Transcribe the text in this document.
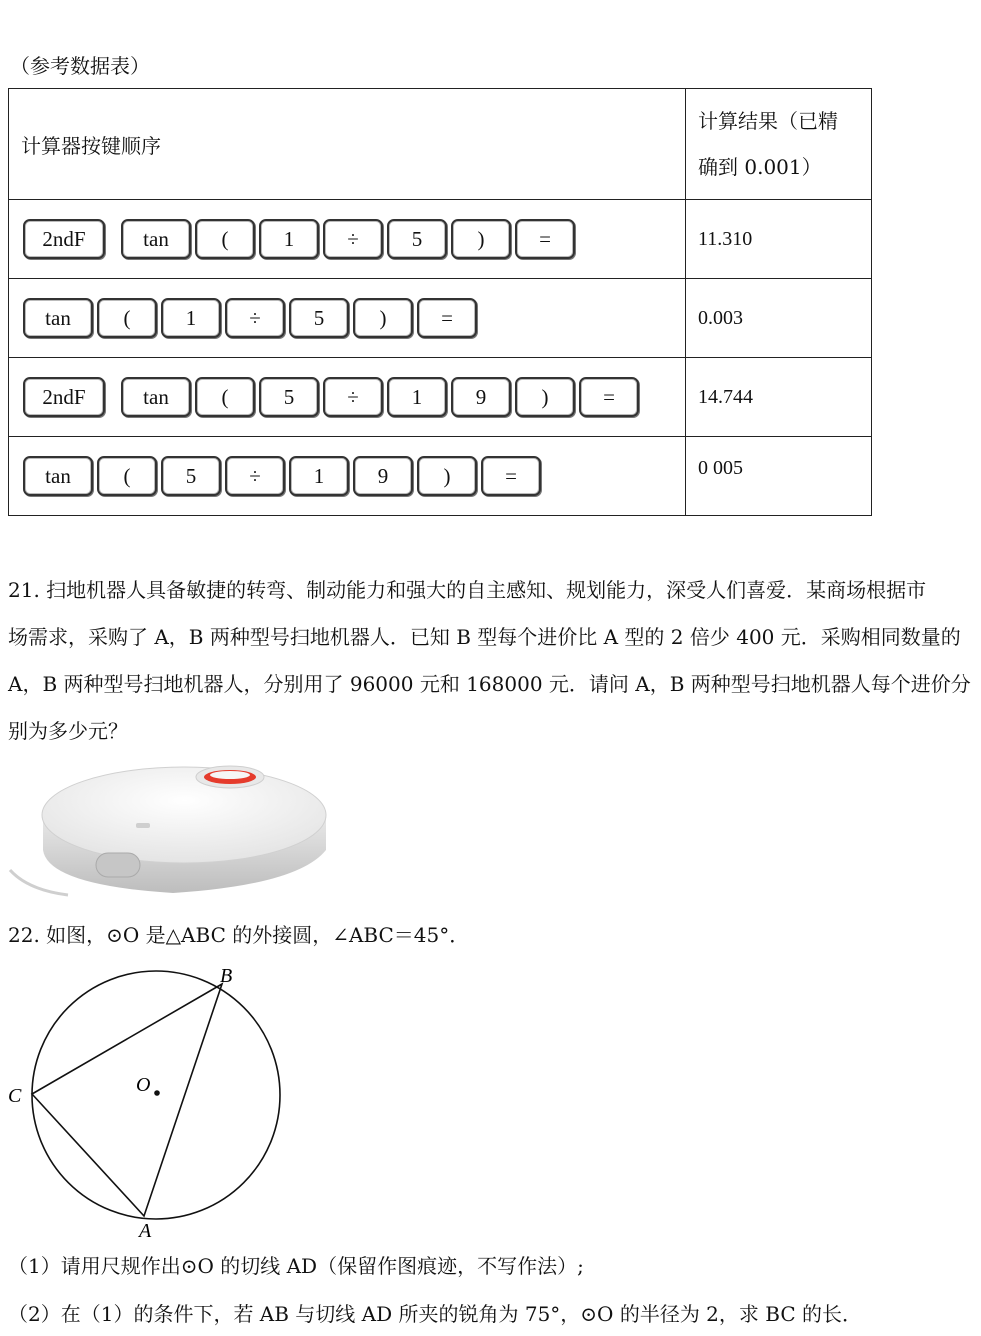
（参考数据表）
计算器按键顺序	计算结果（已精
确到 0.001）

2ndF tan ( 1 ÷ 5 ) =	11.310
tan ( 1 ÷ 5 ) =	0.003
2ndF tan ( 5 ÷ 1 9 ) =	14.744
tan ( 5 ÷ 1 9 ) =	0 005
21. 扫地机器人具备敏捷的转弯、制动能力和强大的自主感知、规划能力，深受人们喜爱．某商场根据市
场需求，采购了 A，B 两种型号扫地机器人．已知 B 型每个进价比 A 型的 2 倍少 400 元．采购相同数量的
A，B 两种型号扫地机器人，分别用了 96000 元和 168000 元．请问 A，B 两种型号扫地机器人每个进价分
别为多少元？
22. 如图，⊙O 是△ABC 的外接圆，∠ABC＝45°．
B
C	O
A
（1）请用尺规作出⊙O 的切线 AD（保留作图痕迹，不写作法）;
（2）在（1）的条件下，若 AB 与切线 AD 所夹的锐角为 75°，⊙O 的半径为 2，求 BC 的长．
